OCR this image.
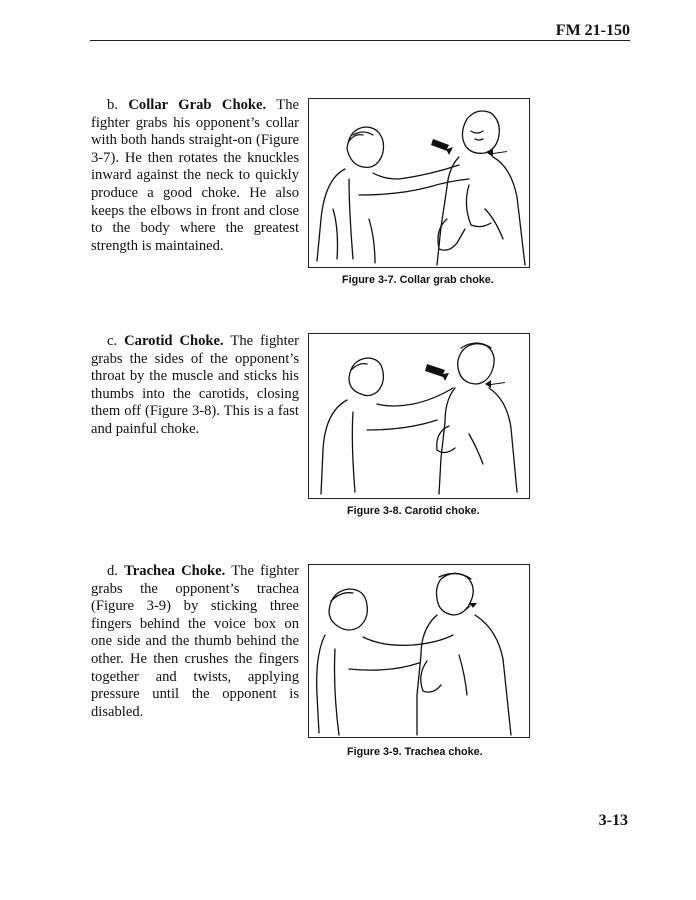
FM 21-150
b. Collar Grab Choke. The fighter grabs his opponent’s collar with both hands straight-on (Figure 3-7). He then rotates the knuckles inward against the neck to quickly produce a good choke. He also keeps the elbows in front and close to the body where the greatest strength is maintained.
Figure 3-7. Collar grab choke.
c. Carotid Choke. The fighter grabs the sides of the opponent’s throat by the muscle and sticks his thumbs into the carotids, closing them off (Figure 3-8). This is a fast and painful choke.
Figure 3-8. Carotid choke.
d. Trachea Choke. The fighter grabs the opponent’s trachea (Figure 3-9) by sticking three fingers behind the voice box on one side and the thumb behind the other. He then crushes the fingers together and twists, applying pressure until the opponent is disabled.
Figure 3-9. Trachea choke.
3-13
